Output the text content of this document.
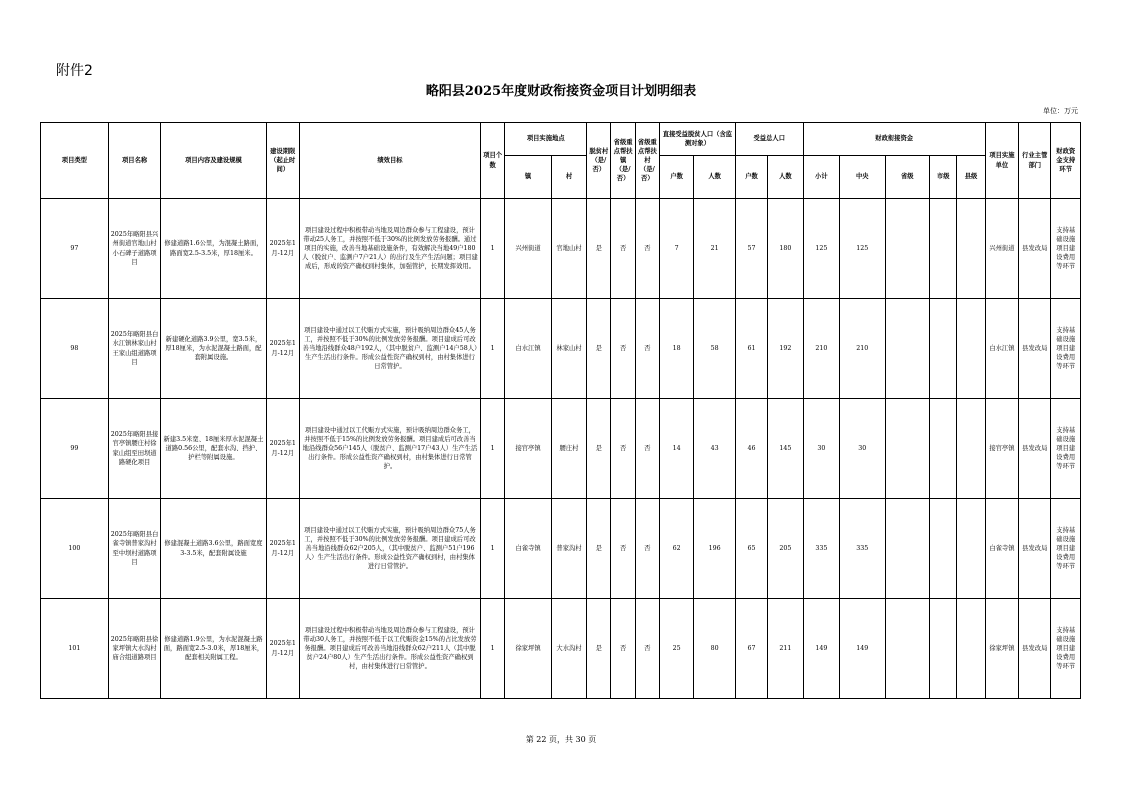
附件2
略阳县2025年度财政衔接资金项目计划明细表
单位：万元
项目类型	项目名称	项目内容及建设规模	建设期限（起止时间）	绩效目标	项目个数	项目实施地点		脱贫村（是/否）	省级重点帮扶镇（是/否）	省级重点帮扶村（是/否）	直接受益脱贫人口（含监测对象）		受益总人口		财政衔接资金					项目实施单位	行业主管部门	财政资金支持环节
						镇	村				户数	人数	户数	人数	小计	中央	省级	市级	县级			
97	2025年略阳县兴州街道官地山村小石碑子道路项目	修建道路1.6公里，为混凝土路面，路面宽2.5-3.5米，厚18厘米。	2025年1月-12月	项目建设过程中积极带动当地及周边群众参与工程建设，预计带动25人务工，并按照不低于30%的比例发放劳务报酬。通过项目的实施，改善当地基础设施条件，有效解决当地49户180人（脱贫户、监测户7户21人）的出行及生产生活问题；项目建成后，形成的资产确权到村集体，加强管护，长期发挥效用。	1	兴州街道	官地山村	是	否	否	7	21	57	180	125	125				兴州街道	县发改局	支持基础设施项目建设费用等环节
98	2025年略阳县白水江镇林家山村王家山组道路项目	新建硬化道路3.9公里，宽3.5米，厚18厘米，为水泥混凝土路面，配套附属设施。	2025年1月-12月	项目建设中通过以工代赈方式实施，预计吸纳周边群众45人务工，并按照不低于30%的比例发放劳务报酬。项目建成后可改善当地沿线群众48户192人，（其中脱贫户、监测户14户58人）生产生活出行条件。形成公益性资产确权到村，由村集体进行日常管护。	1	白水江镇	林家山村	是	否	否	18	58	61	192	210	210				白水江镇	县发改局	支持基础设施项目建设费用等环节
99	2025年略阳县接官亭镇腰庄村徐家山组至田坝道路硬化项目	新建3.5米宽、18厘米厚水泥混凝土道路0.56公里，配套水沟、挡护、护栏等附属设施。	2025年1月-12月	项目建设中通过以工代赈方式实施，预计吸纳周边群众务工，并按照不低于15%的比例发放劳务报酬。项目建成后可改善当地沿线群众56户145人（脱贫户、监测户17户43人）生产生活出行条件。形成公益性资产确权到村，由村集体进行日常管护。	1	接官亭镇	腰庄村	是	否	否	14	43	46	145	30	30				接官亭镇	县发改局	支持基础设施项目建设费用等环节
100	2025年略阳县白雀寺镇普家沟村至中坝村道路项目	修建混凝土道路3.6公里，路面宽度3-3.5米，配套附属设施	2025年1月-12月	项目建设中通过以工代赈方式实施，预计吸纳周边群众75人务工，并按照不低于30%的比例发放劳务报酬。项目建成后可改善当地沿线群众62户205人，（其中脱贫户、监测户51户196人）生产生活出行条件。形成公益性资产确权到村，由村集体进行日常管护。	1	白雀寺镇	普家沟村	是	否	否	62	196	65	205	335	335				白雀寺镇	县发改局	支持基础设施项目建设费用等环节
101	2025年略阳县徐家坪镇大水沟村庙合组道路项目	修建道路1.9公里，为水泥混凝土路面，路面宽2.5-3.0米，厚18厘米，配套相关附属工程。	2025年1月-12月	项目建设过程中积极带动当地及周边群众参与工程建设，预计带动30人务工，并按照不低于以工代赈资金15%的占比发放劳务报酬。项目建成后可改善当地沿线群众62户211人（其中脱贫户24户80人）生产生活出行条件。形成公益性资产确权到村，由村集体进行日常管护。	1	徐家坪镇	大水沟村	是	否	否	25	80	67	211	149	149				徐家坪镇	县发改局	支持基础设施项目建设费用等环节
第 22 页，共 30 页
